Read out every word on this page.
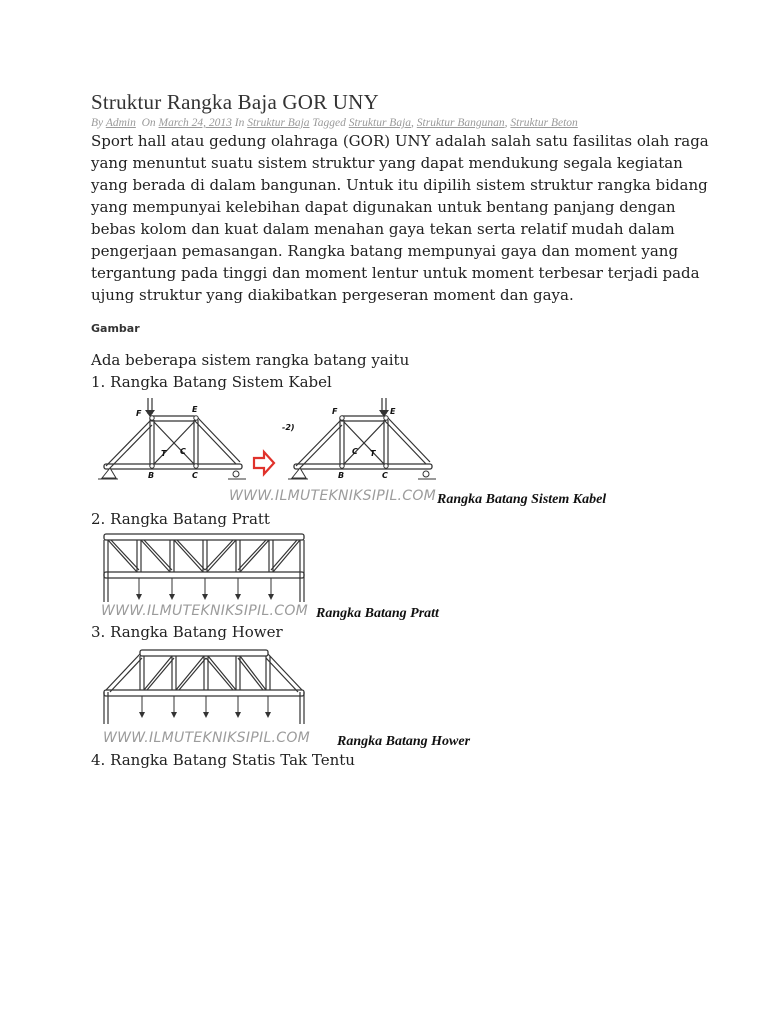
Struktur Rangka Baja GOR UNY
By Admin On March 24, 2013 In Struktur Baja Tagged Struktur Baja, Struktur Bangunan, Struktur Beton
Sport hall atau gedung olahraga (GOR) UNY adalah salah satu fasilitas olah raga
yang menuntut suatu sistem struktur yang dapat mendukung segala kegiatan
yang berada di dalam bangunan. Untuk itu dipilih sistem struktur rangka bidang
yang mempunyai kelebihan dapat digunakan untuk bentang panjang dengan
bebas kolom dan kuat dalam menahan gaya tekan serta relatif mudah dalam
pengerjaan pemasangan. Rangka batang mempunyai gaya dan moment yang
tergantung pada tinggi dan moment lentur untuk moment terbesar terjadi pada
ujung struktur yang diakibatkan pergeseran moment dan gaya.
Gambar
Ada beberapa sistem rangka batang yaitu
1. Rangka Batang Sistem Kabel
F	E
B	C
T C
-2)
F	E
B	C
C T
WWW.ILMUTEKNIKSIPIL.COM Rangka Batang Sistem Kabel
2. Rangka Batang Pratt
WWW.ILMUTEKNIKSIPIL.COM Rangka Batang Pratt
3. Rangka Batang Hower
WWW.ILMUTEKNIKSIPIL.COM Rangka Batang Hower
4. Rangka Batang Statis Tak Tentu
